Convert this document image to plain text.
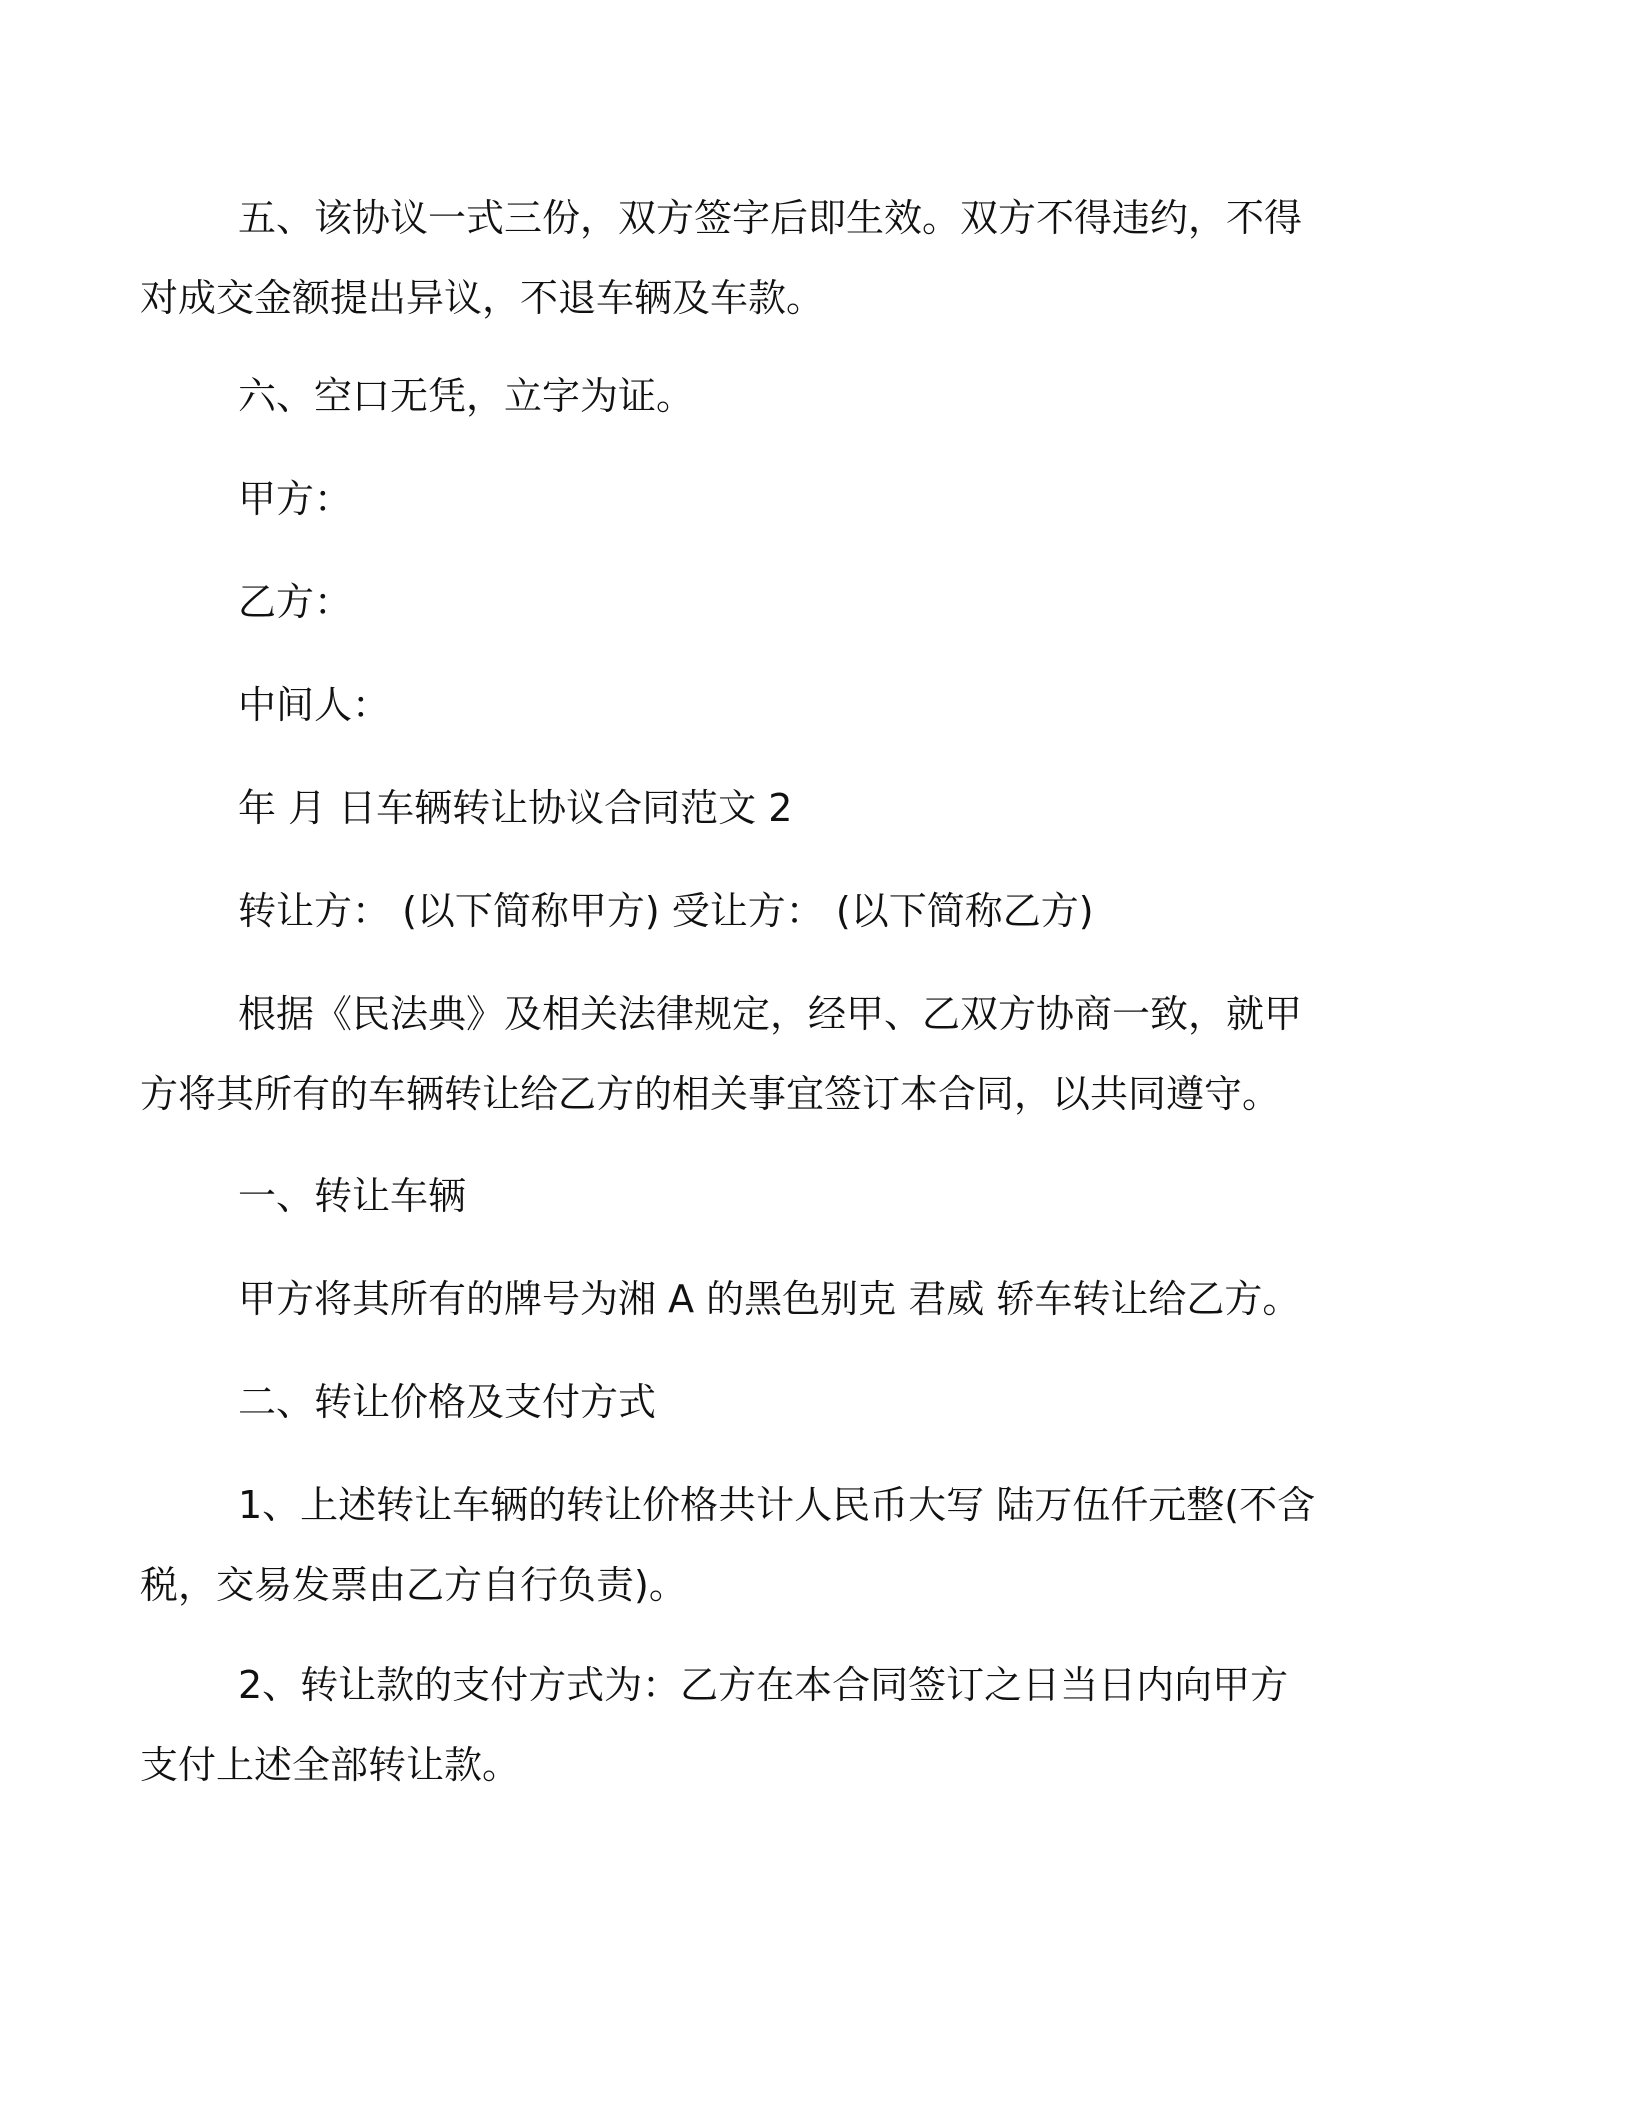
五、该协议一式三份，双方签字后即生效。双方不得违约，不得
对成交金额提出异议，不退车辆及车款。
六、空口无凭，立字为证。
甲方：
乙方：
中间人：
年 月 日车辆转让协议合同范文 2
转让方： (以下简称甲方) 受让方： (以下简称乙方)
根据《民法典》及相关法律规定，经甲、乙双方协商一致，就甲
方将其所有的车辆转让给乙方的相关事宜签订本合同，以共同遵守。
一、转让车辆
甲方将其所有的牌号为湘 A 的黑色别克 君威 轿车转让给乙方。
二、转让价格及支付方式
1、上述转让车辆的转让价格共计人民币大写 陆万伍仟元整(不含
税，交易发票由乙方自行负责)。
2、转让款的支付方式为：乙方在本合同签订之日当日内向甲方
支付上述全部转让款。
